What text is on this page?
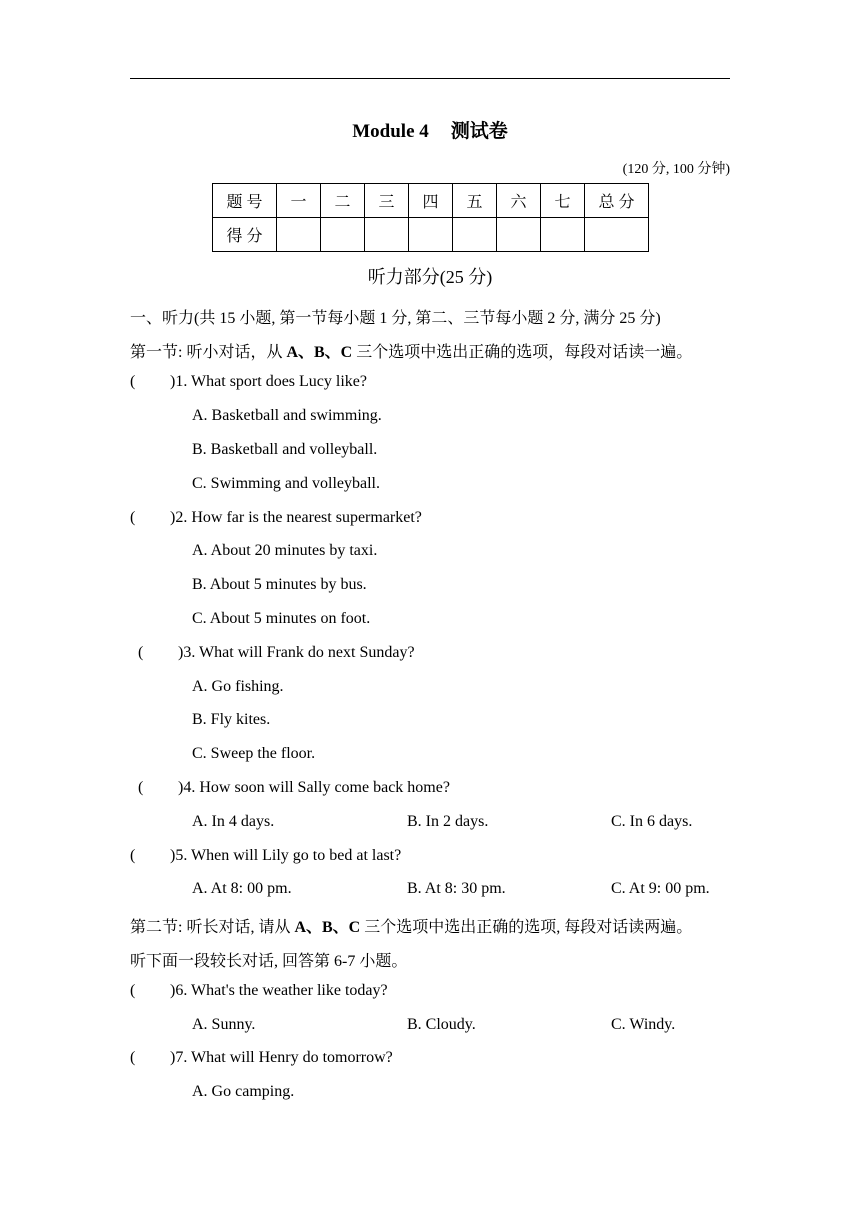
Module 4 测试卷
(120 分, 100 分钟)
题 号	一	二	三	四	五	六	七	总 分
得 分								
听力部分(25 分)
一、听力(共 15 小题, 第一节每小题 1 分, 第二、三节每小题 2 分, 满分 25 分)
第一节: 听小对话，从 A、B、C 三个选项中选出正确的选项，每段对话读一遍。
( )1. What sport does Lucy like?
A. Basketball and swimming.
B. Basketball and volleyball.
C. Swimming and volleyball.
( )2. How far is the nearest supermarket?
A. About 20 minutes by taxi.
B. About 5 minutes by bus.
C. About 5 minutes on foot.
( )3. What will Frank do next Sunday?
A. Go fishing.
B. Fly kites.
C. Sweep the floor.
( )4. How soon will Sally come back home?
A. In 4 days.	B. In 2 days.	C. In 6 days.
( )5. When will Lily go to bed at last?
A. At 8: 00 pm.	B. At 8: 30 pm.	C. At 9: 00 pm.
第二节: 听长对话, 请从 A、B、C 三个选项中选出正确的选项, 每段对话读两遍。
听下面一段较长对话, 回答第 6-7 小题。
( )6. What's the weather like today?
A. Sunny.	B. Cloudy.	C. Windy.
( )7. What will Henry do tomorrow?
A. Go camping.
